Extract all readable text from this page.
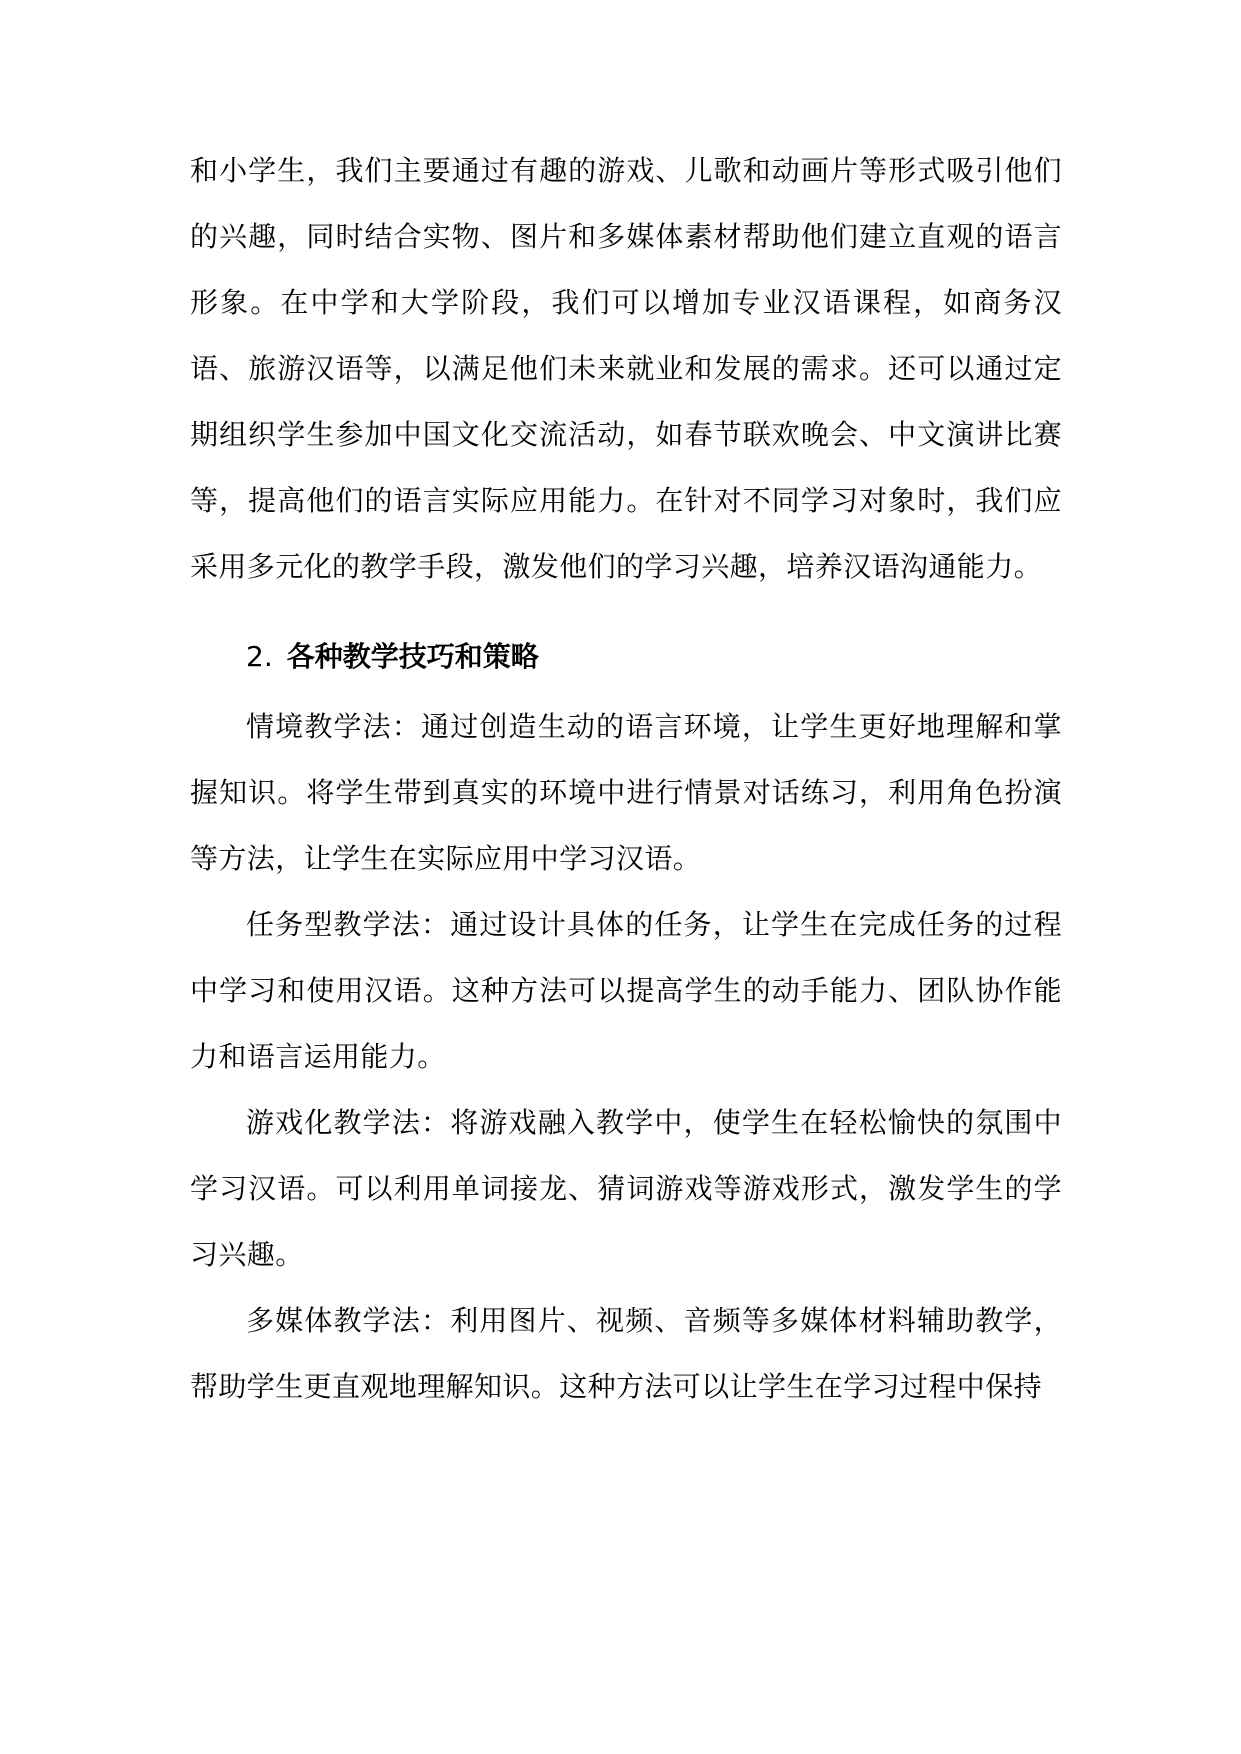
和小学生，我们主要通过有趣的游戏、儿歌和动画片等形式吸引他们的兴趣，同时结合实物、图片和多媒体素材帮助他们建立直观的语言形象。在中学和大学阶段，我们可以增加专业汉语课程，如商务汉语、旅游汉语等，以满足他们未来就业和发展的需求。还可以通过定期组织学生参加中国文化交流活动，如春节联欢晚会、中文演讲比赛等，提高他们的语言实际应用能力。在针对不同学习对象时，我们应采用多元化的教学手段，激发他们的学习兴趣，培养汉语沟通能力。

2. 各种教学技巧和策略

情境教学法：通过创造生动的语言环境，让学生更好地理解和掌握知识。将学生带到真实的环境中进行情景对话练习，利用角色扮演等方法，让学生在实际应用中学习汉语。

任务型教学法：通过设计具体的任务，让学生在完成任务的过程中学习和使用汉语。这种方法可以提高学生的动手能力、团队协作能力和语言运用能力。

游戏化教学法：将游戏融入教学中，使学生在轻松愉快的氛围中学习汉语。可以利用单词接龙、猜词游戏等游戏形式，激发学生的学习兴趣。

多媒体教学法：利用图片、视频、音频等多媒体材料辅助教学，帮助学生更直观地理解知识。这种方法可以让学生在学习过程中保持
